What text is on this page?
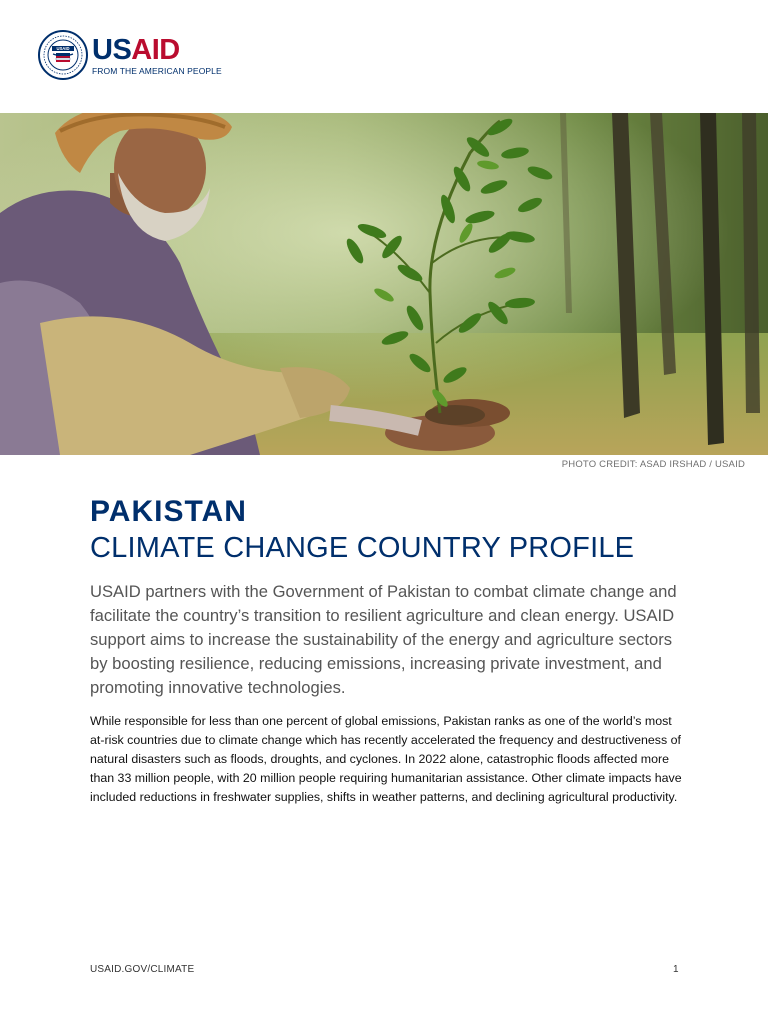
USAID USAID
FROM THE AMERICAN PEOPLE
PHOTO CREDIT: ASAD IRSHAD / USAID
PAKISTAN
CLIMATE CHANGE COUNTRY PROFILE

USAID partners with the Government of Pakistan to combat climate change and facilitate the country’s transition to resilient agriculture and clean energy. USAID support aims to increase the sustainability of the energy and agriculture sectors by boosting resilience, reducing emissions, increasing private investment, and promoting innovative technologies.

While responsible for less than one percent of global emissions, Pakistan ranks as one of the world’s most at-risk countries due to climate change which has recently accelerated the frequency and destructiveness of natural disasters such as floods, droughts, and cyclones. In 2022 alone, catastrophic floods affected more than 33 million people, with 20 million people requiring humanitarian assistance. Other climate impacts have included reductions in freshwater supplies, shifts in weather patterns, and declining agricultural productivity.

USAID.GOV/CLIMATE	1
